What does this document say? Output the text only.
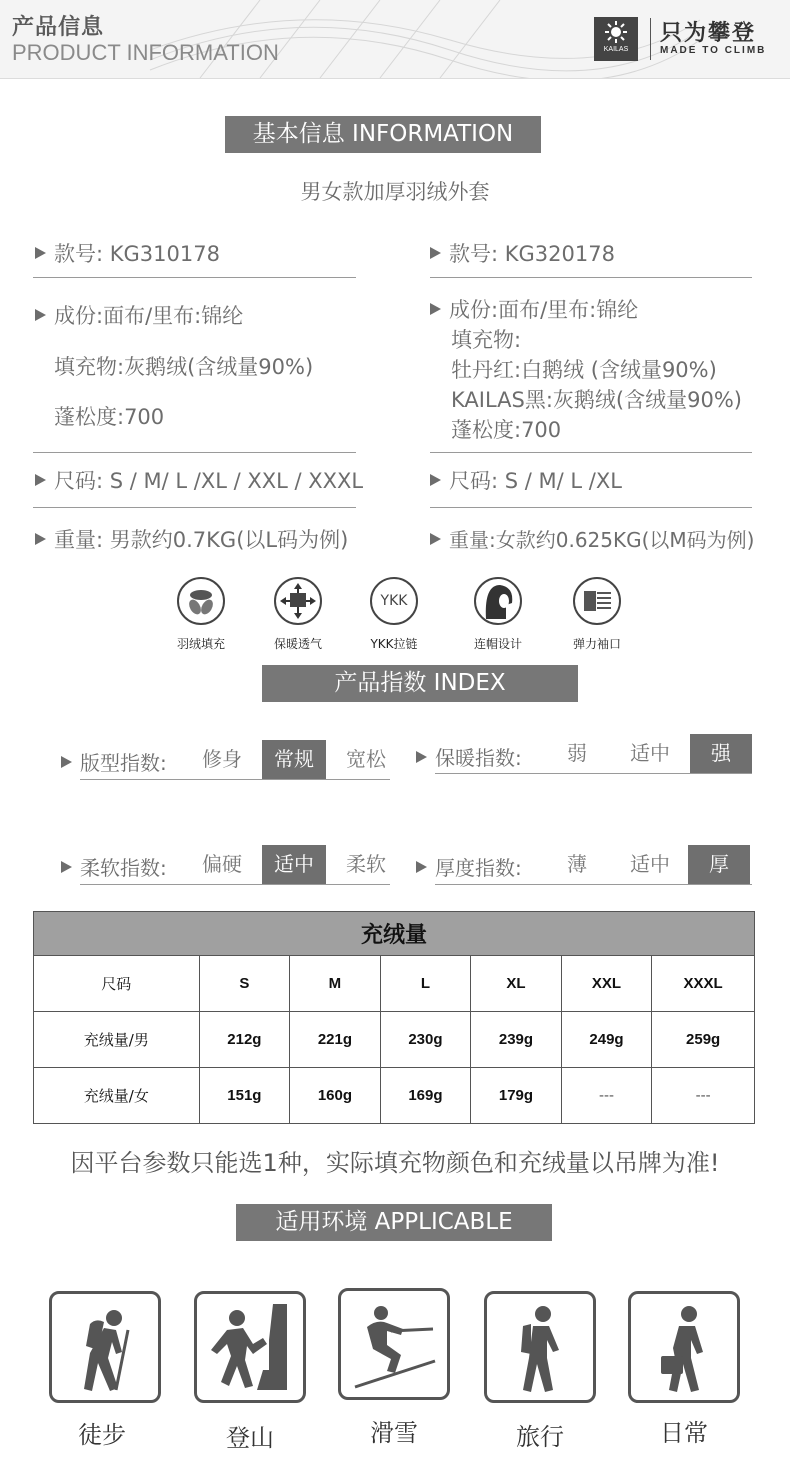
产品信息
PRODUCT INFORMATION	KAILAS
只为攀登
MADE TO CLIMB
基本信息 INFORMATION
男女款加厚羽绒外套
款号: KG310178
成份:面布/里布:锦纶
填充物:灰鹅绒(含绒量90%)
蓬松度:700
尺码: S / M/ L /XL / XXL / XXXL
重量: 男款约0.7KG(以L码为例)
款号: KG320178
成份:面布/里布:锦纶
填充物:
牡丹红:白鹅绒 (含绒量90%)
KAILAS黑:灰鹅绒(含绒量90%)
蓬松度:700
尺码: S / M/ L /XL
重量:女款约0.625KG(以M码为例)
羽绒填充	保暖透气
YKK
YKK拉链	连帽设计	弹力袖口
产品指数 INDEX
版型指数:	修身	常规	宽松	保暖指数:	弱	适中	强
柔软指数:	偏硬	适中	柔软	厚度指数:	薄	适中	厚
充绒量						
尺码	S	M	L	XL	XXL	XXXL
充绒量/男	212g	221g	230g	239g	249g	259g
充绒量/女	151g	160g	169g	179g	---	---
因平台参数只能选1种，实际填充物颜色和充绒量以吊牌为准!
适用环境 APPLICABLE
徒步	登山	滑雪	旅行	日常
